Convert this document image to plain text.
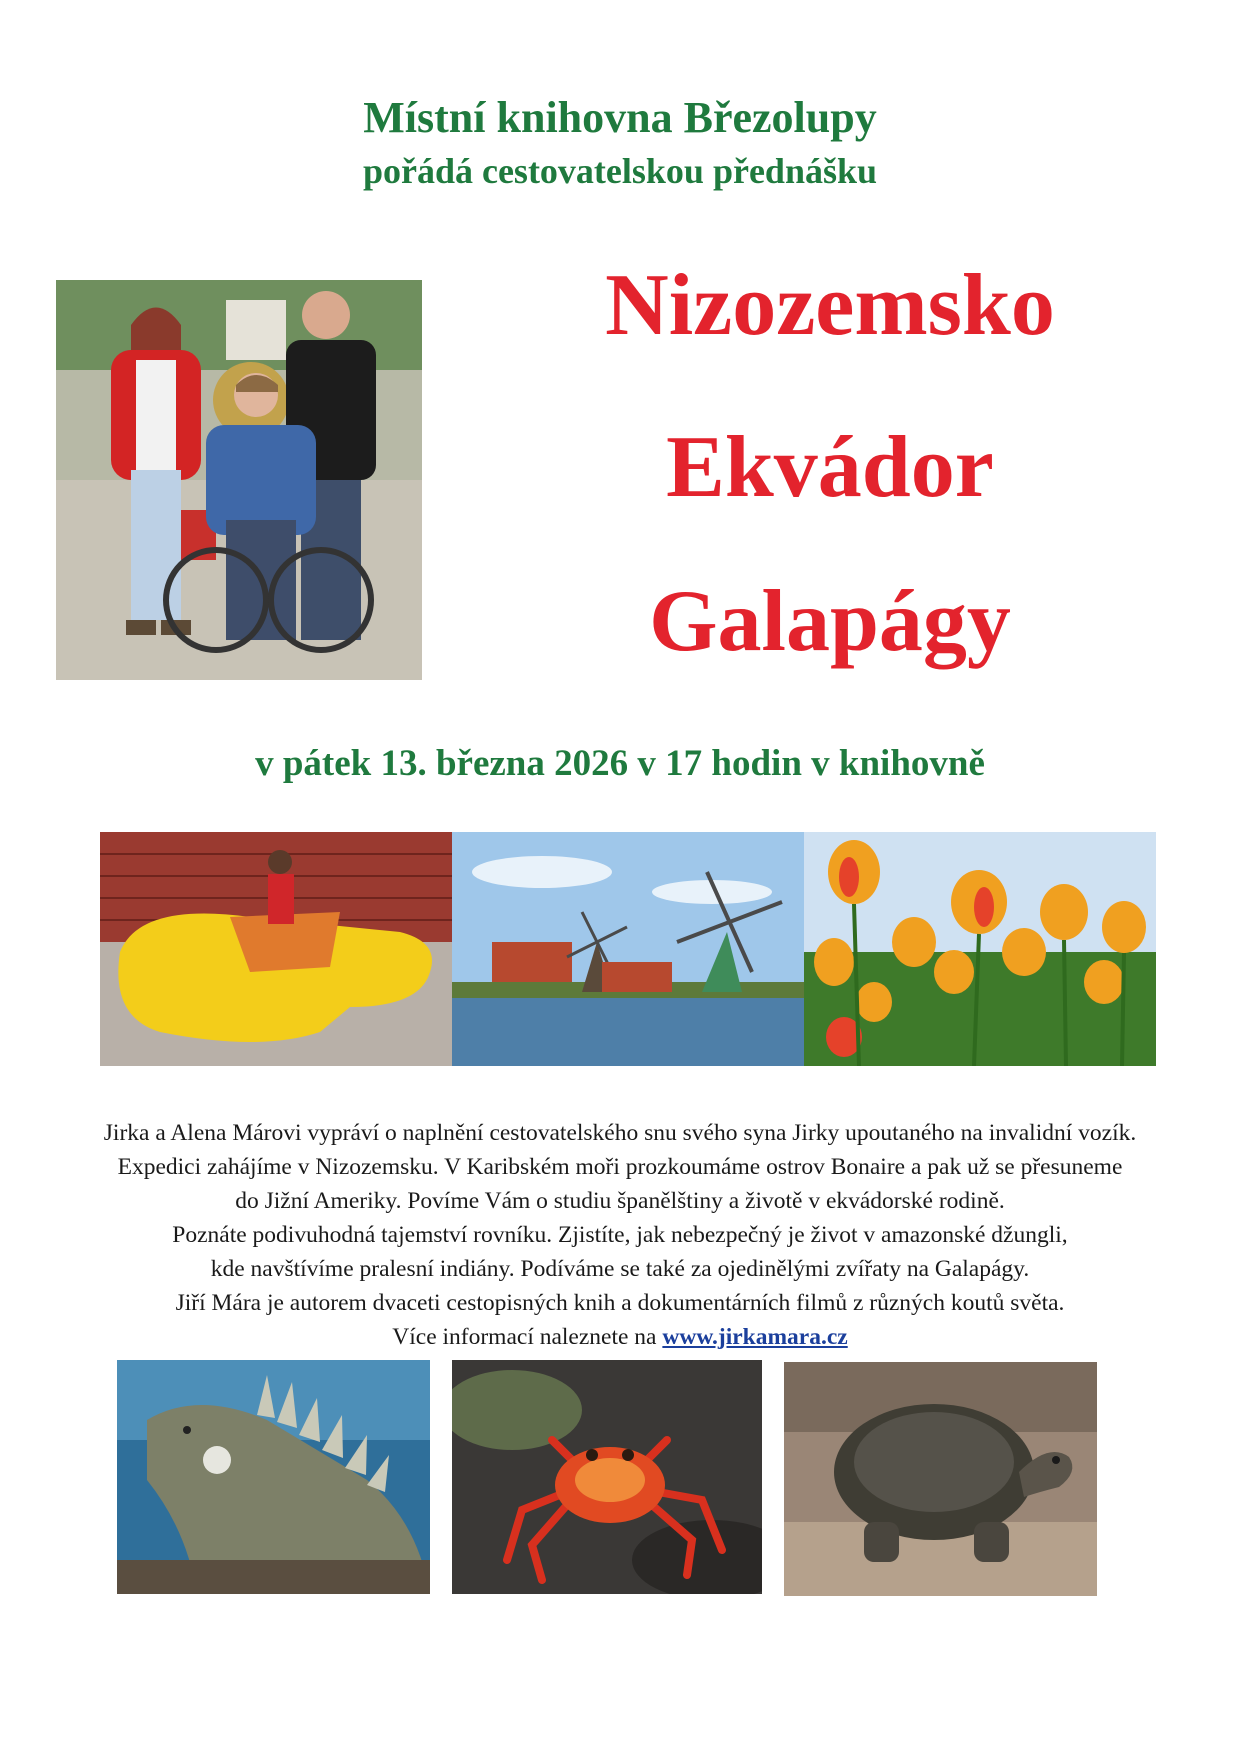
Místní knihovna Březolupy
pořádá cestovatelskou přednášku
Nizozemsko
Ekvádor
Galapágy
v pátek 13. března 2026 v 17 hodin v knihovně
Jirka a Alena Márovi vypráví o naplnění cestovatelského snu svého syna Jirky upoutaného na invalidní vozík.
Expedici zahájíme v Nizozemsku. V Karibském moři prozkoumáme ostrov Bonaire a pak už se přesuneme
do Jižní Ameriky. Povíme Vám o studiu španělštiny a životě v ekvádorské rodině.
Poznáte podivuhodná tajemství rovníku. Zjistíte, jak nebezpečný je život v amazonské džungli,
kde navštívíme pralesní indiány. Podíváme se také za ojedinělými zvířaty na Galapágy.
Jiří Mára je autorem dvaceti cestopisných knih a dokumentárních filmů z různých koutů světa.
Více informací naleznete na www.jirkamara.cz
